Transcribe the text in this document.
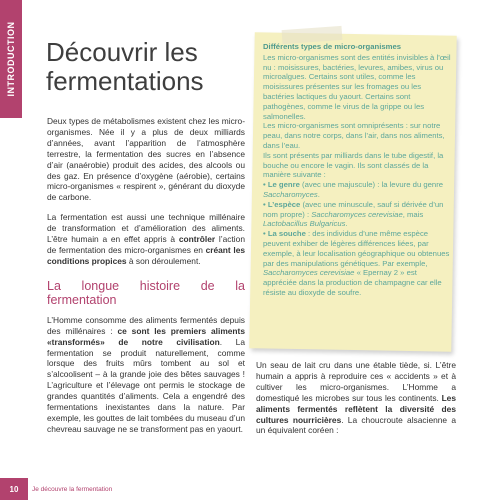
INTRODUCTION Découvrir les fermentations

Deux types de métabolismes existent chez les micro-organismes. Née il y a plus de deux milliards d’années, avant l’apparition de l’atmosphère terrestre, la fermentation des sucres en l’absence d’air (anaérobie) produit des acides, des alcools ou des gaz. En présence d’oxygène (aérobie), certains micro-organismes « respirent », générant du dioxyde de carbone.

La fermentation est aussi une technique millénaire de transformation et d’amélioration des aliments. L’être humain a en effet appris à contrôler l’action de fermentation des micro-organismes en créant les conditions propices à son déroulement.

La longue histoire de la fermentation

L’Homme consomme des aliments fermentés depuis des millénaires : ce sont les premiers aliments «transformés» de notre civilisation. La fermentation se produit naturellement, comme lorsque des fruits mûrs tombent au sol et s’alcoolisent – à la grande joie des bêtes sauvages ! L’agriculture et l’élevage ont permis le stockage de grandes quantités d’aliments. Cela a engendré des fermentations inexistantes dans la nature. Par exemple, les gouttes de lait tombées du museau d’un chevreau sauvage ne se transforment pas en yaourt.

Différents types de micro-organismes

Les micro-organismes sont des entités invisibles à l’œil nu : moisissures, bactéries, levures, amibes, virus ou microalgues. Certains sont utiles, comme les moisissures présentes sur les fromages ou les bactéries lactiques du yaourt. Certains sont pathogènes, comme le virus de la grippe ou les salmonelles.

Les micro-organismes sont omniprésents : sur notre peau, dans notre corps, dans l’air, dans nos aliments, dans l’eau.

Ils sont présents par milliards dans le tube digestif, la bouche ou encore le vagin. Ils sont classés de la manière suivante :

• Le genre (avec une majuscule) : la levure du genre Saccharomyces.

• L’espèce (avec une minuscule, sauf si dérivée d’un nom propre) : Saccharomyces cerevisiae, mais Lactobacillus Bulgaricus.

• La souche : des individus d’une même espèce peuvent exhiber de légères différences liées, par exemple, à leur localisation géographique ou obtenues par des manipulations génétiques. Par exemple, Saccharomyces cerevisiae « Epernay 2 » est appréciée dans la production de champagne car elle résiste au dioxyde de soufre.

Un seau de lait cru dans une étable tiède, si. L’être humain a appris à reproduire ces « accidents » et à cultiver les micro-organismes. L’Homme a domestiqué les microbes sur tous les continents. Les aliments fermentés reflètent la diversité des cultures nourricières. La choucroute alsacienne a un équivalent coréen :

10	Je découvre la fermentation
